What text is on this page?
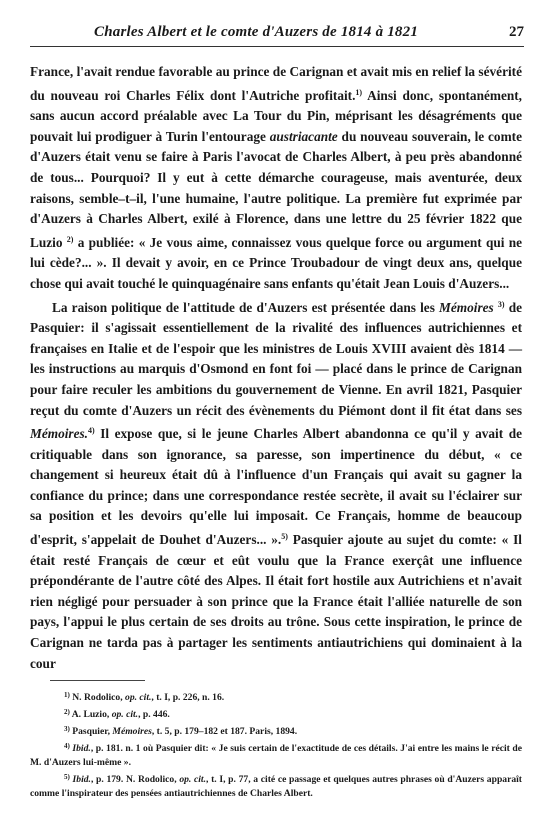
Charles Albert et le comte d'Auzers de 1814 à 1821	27

France, l'avait rendue favorable au prince de Carignan et avait mis en relief la sévérité du nouveau roi Charles Félix dont l'Autriche profitait.$^{1)}$ Ainsi donc, spontanément, sans aucun accord préalable avec La Tour du Pin, méprisant les désagréments que pouvait lui prodiguer à Turin l'entourage austriacante du nouveau souverain, le comte d'Auzers était venu se faire à Paris l'avocat de Charles Albert, à peu près abandonné de tous... Pourquoi? Il y eut à cette démarche courageuse, mais aventurée, deux raisons, semble–t–il, l'une humaine, l'autre politique. La première fut exprimée par d'Auzers à Charles Albert, exilé à Florence, dans une lettre du 25 février 1822 que Luzio $^{2)}$ a publiée: « Je vous aime, connaissez vous quelque force ou argument qui ne lui cède?... ». Il devait y avoir, en ce Prince Troubadour de vingt deux ans, quelque chose qui avait touché le quinquagénaire sans enfants qu'était Jean Louis d'Auzers...

La raison politique de l'attitude de d'Auzers est présentée dans les Mémoires $^{3)}$ de Pasquier: il s'agissait essentiellement de la rivalité des influences autrichiennes et françaises en Italie et de l'espoir que les ministres de Louis XVIII avaient dès 1814 — les instructions au marquis d'Osmond en font foi — placé dans le prince de Carignan pour faire reculer les ambitions du gouvernement de Vienne. En avril 1821, Pasquier reçut du comte d'Auzers un récit des évènements du Piémont dont il fit état dans ses Mémoires.$^{4)}$ Il expose que, si le jeune Charles Albert abandonna ce qu'il y avait de critiquable dans son ignorance, sa paresse, son impertinence du début, « ce changement si heureux était dû à l'influence d'un Français qui avait su gagner la confiance du prince; dans une correspondance restée secrète, il avait su l'éclairer sur sa position et les devoirs qu'elle lui imposait. Ce Français, homme de beaucoup d'esprit, s'appelait de Douhet d'Auzers... ».$^{5)}$ Pasquier ajoute au sujet du comte: « Il était resté Français de cœur et eût voulu que la France exerçât une influence prépondérante de l'autre côté des Alpes. Il était fort hostile aux Autrichiens et n'avait rien négligé pour persuader à son prince que la France était l'alliée naturelle de son pays, l'appui le plus certain de ses droits au trône. Sous cette inspiration, le prince de Carignan ne tarda pas à partager les sentiments antiautrichiens qui dominaient à la cour

$^{1)}$ N. Rodolico, op. cit., t. I, p. 226, n. 16.
$^{2)}$ A. Luzio, op. cit., p. 446.
$^{3)}$ Pasquier, Mémoires, t. 5, p. 179–182 et 187. Paris, 1894.
$^{4)}$ Ibid., p. 181. n. 1 où Pasquier dit: « Je suis certain de l'exactitude de ces détails. J'ai entre les mains le récit de M. d'Auzers lui-même ».
$^{5)}$ Ibid., p. 179. N. Rodolico, op. cit., t. I, p. 77, a cité ce passage et quelques autres phrases où d'Auzers apparaît comme l'inspirateur des pensées antiautrichiennes de Charles Albert.
